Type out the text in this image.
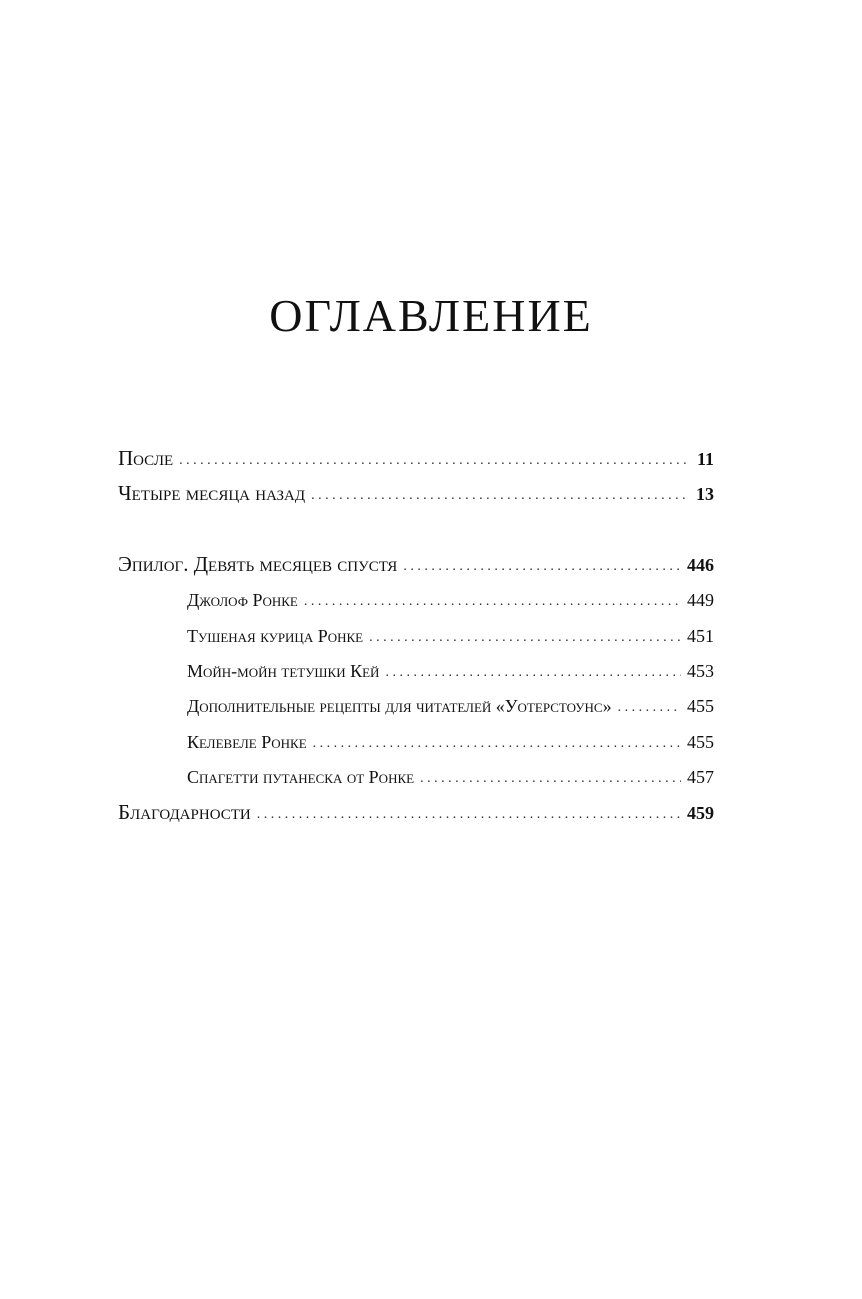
ОГЛАВЛЕНИЕ
После . . .	11
Четыре месяца назад . . .	13
Эпилог. Девять месяцев спустя . . .	446
Джолоф Ронке . . .	449
Тушеная курица Ронке . . .	451
Мойн-мойн тетушки Кей . . .	453
Дополнительные рецепты для читателей «Уотерстоунс» . . .	455
Келевеле Ронке . . .	455
Спагетти путанеска от Ронке . . .	457
Благодарности . . .	459
